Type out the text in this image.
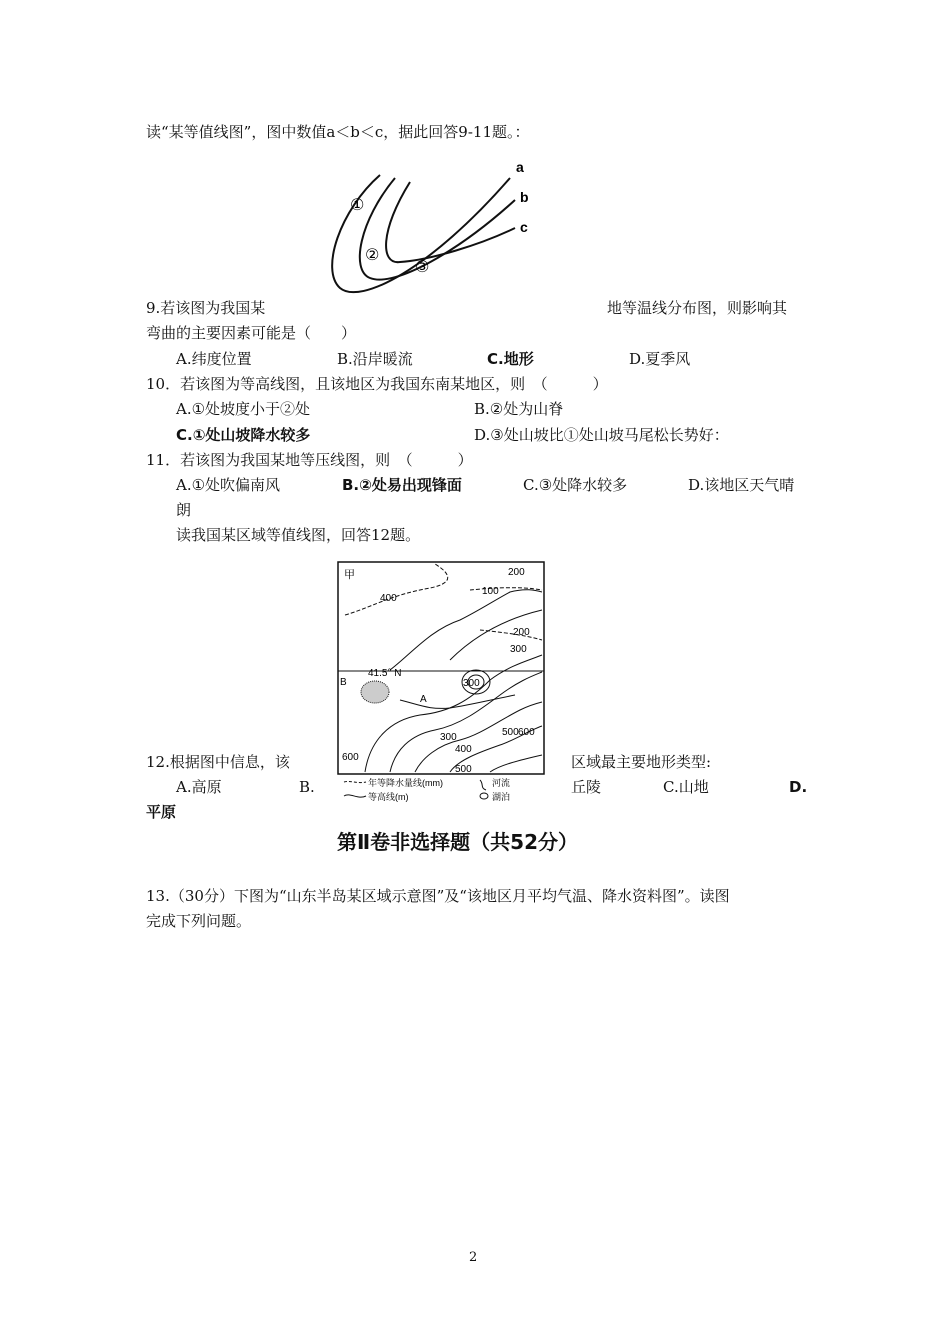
读“某等值线图”，图中数值a＜b＜c，据此回答9-11题。：
a
b
c
①
②
③
9.若该图为我国某	地等温线分布图，则影响其
弯曲的主要因素可能是（　　）
A.纬度位置	B.沿岸暖流	C.地形	D.夏季风
10．若该图为等高线图，且该地区为我国东南某地区，则　（　　　）
A.①处坡度小于②处	B.②处为山脊
C.①处山坡降水较多	D.③处山坡比①处山坡马尾松长势好：
11．若该图为我国某地等压线图，则　（　　　）
A.①处吹偏南风	B.②处易出现锋面	C.③处降水较多	D.该地区天气晴
朗
读我国某区域等值线图，回答12题。
甲
41.5° N
B
A
200
100
400
200
300
300
300
400
500 600
600
500
年等降水量线(mm)
等高线(m)
河流
湖泊
12.根据图中信息，该	区域最主要地形类型:
A.高原	B.	丘陵	C.山地	D.
平原
第Ⅱ卷非选择题（共52分）
13.（30分）下图为“山东半岛某区域示意图”及“该地区月平均气温、降水资料图”。读图
完成下列问题。
2
